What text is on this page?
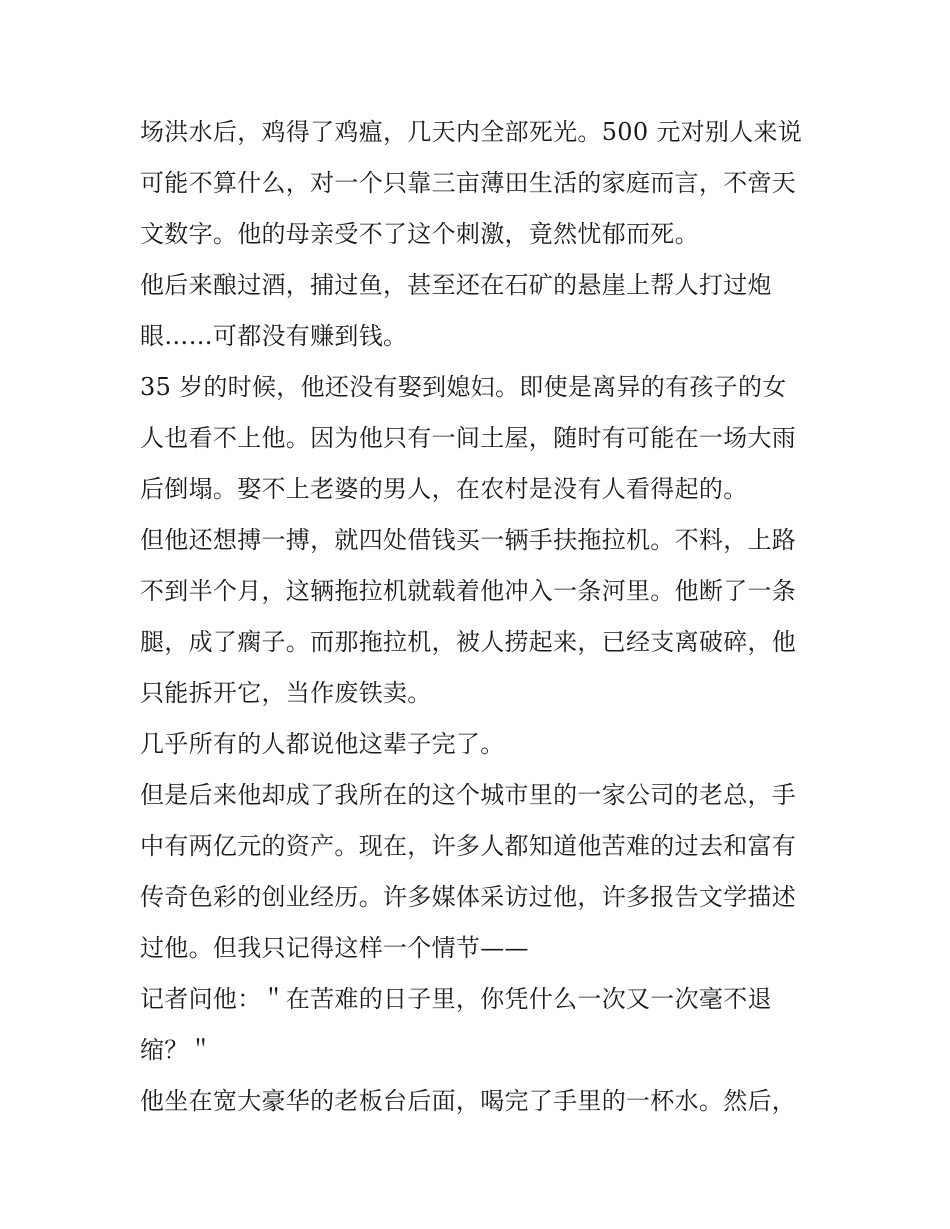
场洪水后，鸡得了鸡瘟，几天内全部死光。500 元对别人来说
可能不算什么，对一个只靠三亩薄田生活的家庭而言，不啻天
文数字。他的母亲受不了这个刺激，竟然忧郁而死。

他后来酿过酒，捕过鱼，甚至还在石矿的悬崖上帮人打过炮
眼……可都没有赚到钱。

35 岁的时候，他还没有娶到媳妇。即使是离异的有孩子的女
人也看不上他。因为他只有一间土屋，随时有可能在一场大雨
后倒塌。娶不上老婆的男人，在农村是没有人看得起的。

但他还想搏一搏，就四处借钱买一辆手扶拖拉机。不料，上路
不到半个月，这辆拖拉机就载着他冲入一条河里。他断了一条
腿，成了瘸子。而那拖拉机，被人捞起来，已经支离破碎，他
只能拆开它，当作废铁卖。

几乎所有的人都说他这辈子完了。

但是后来他却成了我所在的这个城市里的一家公司的老总，手
中有两亿元的资产。现在，许多人都知道他苦难的过去和富有
传奇色彩的创业经历。许多媒体采访过他，许多报告文学描述
过他。但我只记得这样一个情节——

记者问他：＂在苦难的日子里，你凭什么一次又一次毫不退
缩？＂

他坐在宽大豪华的老板台后面，喝完了手里的一杯水。然后，
